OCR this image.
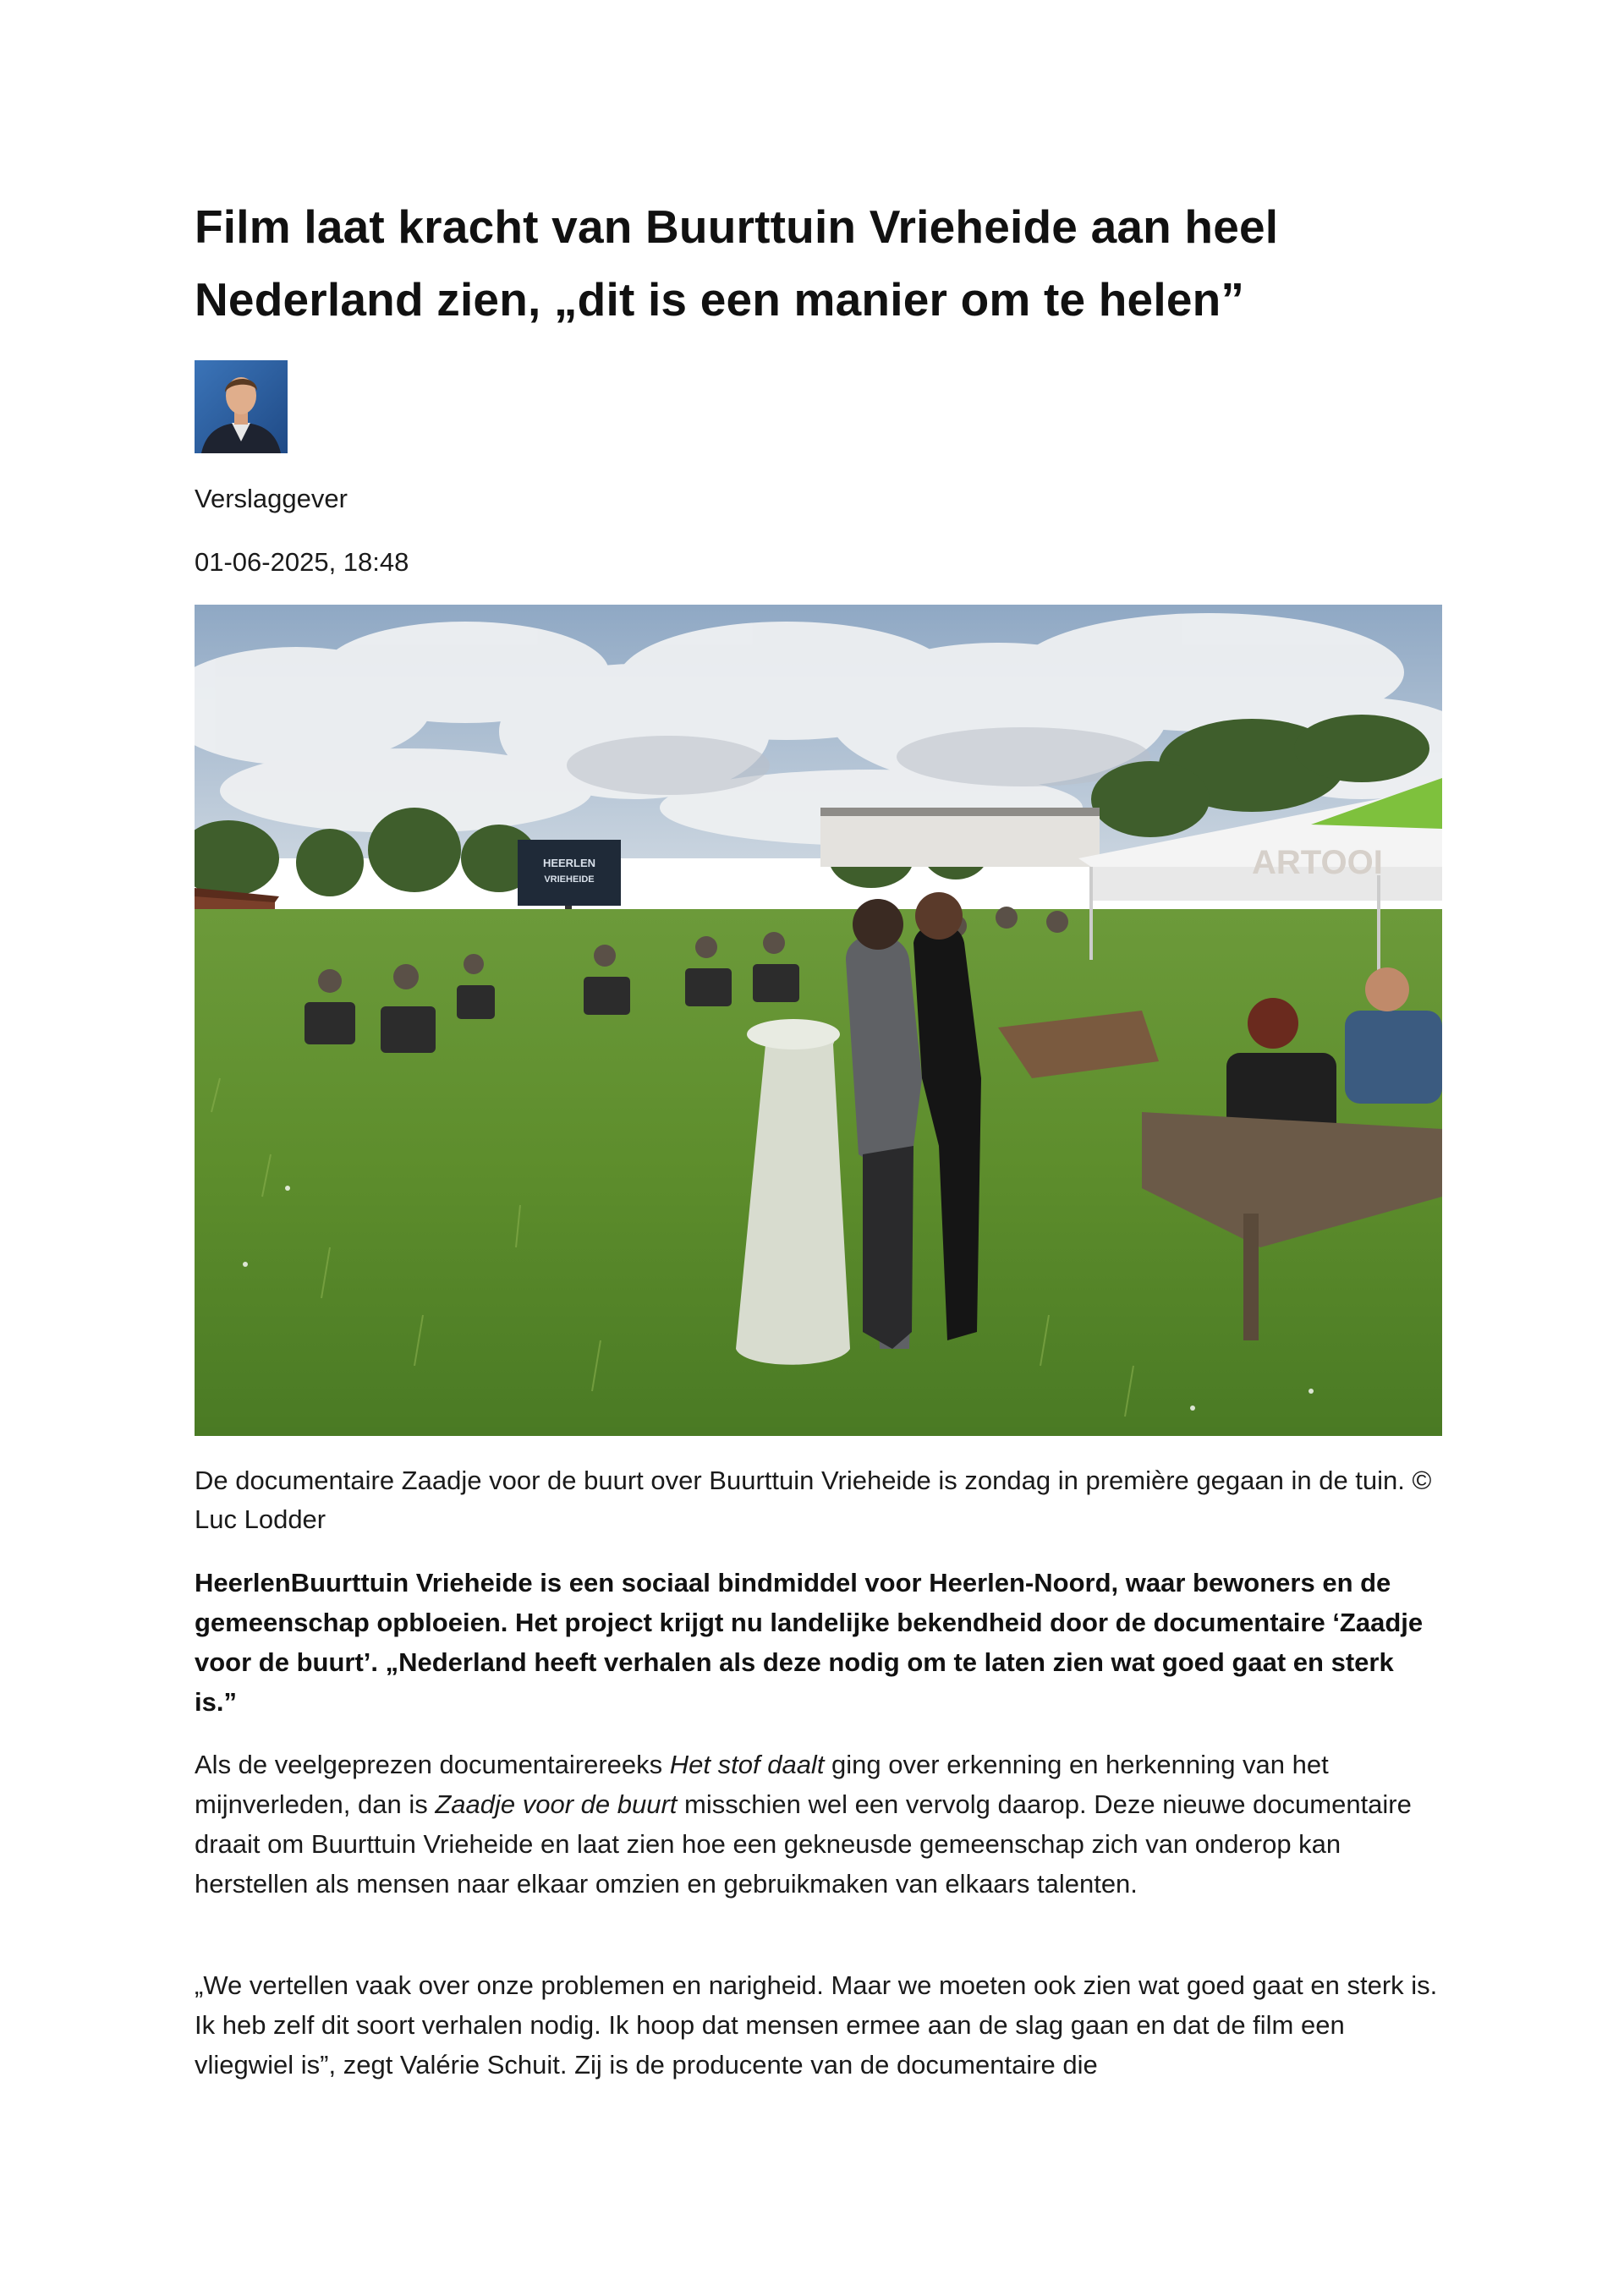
Film laat kracht van Buurttuin Vrieheide aan heel Nederland zien, „dit is een manier om te helen”
Verslaggever
01-06-2025, 18:48
HEERLEN
VRIEHEIDE	ARTOOI

De documentaire Zaadje voor de buurt over Buurttuin Vrieheide is zondag in première gegaan in de tuin. © Luc Lodder

HeerlenBuurttuin Vrieheide is een sociaal bindmiddel voor Heerlen-Noord, waar bewoners en de gemeenschap opbloeien. Het project krijgt nu landelijke bekendheid door de documentaire ‘Zaadje voor de buurt’. „Nederland heeft verhalen als deze nodig om te laten zien wat goed gaat en sterk is.”

Als de veelgeprezen documentairereeks Het stof daalt ging over erkenning en herkenning van het mijnverleden, dan is Zaadje voor de buurt misschien wel een vervolg daarop. Deze nieuwe documentaire draait om Buurttuin Vrieheide en laat zien hoe een gekneusde gemeenschap zich van onderop kan herstellen als mensen naar elkaar omzien en gebruikmaken van elkaars talenten.

„We vertellen vaak over onze problemen en narigheid. Maar we moeten ook zien wat goed gaat en sterk is. Ik heb zelf dit soort verhalen nodig. Ik hoop dat mensen ermee aan de slag gaan en dat de film een vliegwiel is”, zegt Valérie Schuit. Zij is de producente van de documentaire die
